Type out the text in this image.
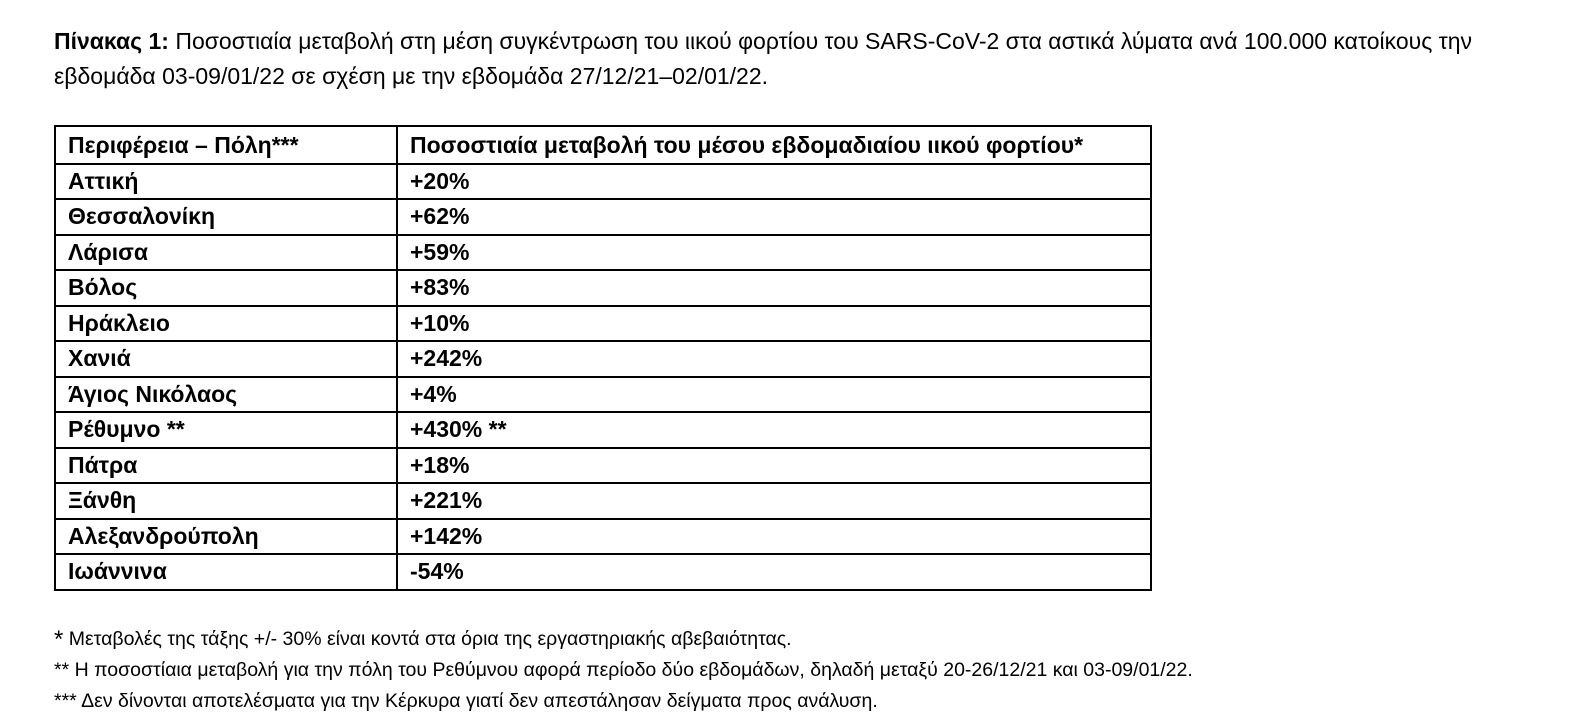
Πίνακας 1: Ποσοστιαία μεταβολή στη μέση συγκέντρωση του ιικού φορτίου του SARS-CoV-2 στα αστικά λύματα ανά 100.000 κατοίκους την εβδομάδα 03-09/01/22 σε σχέση με την εβδομάδα 27/12/21–02/01/22.

Περιφέρεια – Πόλη***	Ποσοστιαία μεταβολή του μέσου εβδομαδιαίου ιικού φορτίου*
Αττική	+20%
Θεσσαλονίκη	+62%
Λάρισα	+59%
Βόλος	+83%
Ηράκλειο	+10%
Χανιά	+242%
Άγιος Νικόλαος	+4%
Ρέθυμνο **	+430% **
Πάτρα	+18%
Ξάνθη	+221%
Αλεξανδρούπολη	+142%
Ιωάννινα	-54%

* Μεταβολές της τάξης +/- 30% είναι κοντά στα όρια της εργαστηριακής αβεβαιότητας.

** Η ποσοστίαια μεταβολή για την πόλη του Ρεθύμνου αφορά περίοδο δύο εβδομάδων, δηλαδή μεταξύ 20-26/12/21 και 03-09/01/22.

*** Δεν δίνονται αποτελέσματα για την Κέρκυρα γιατί δεν απεστάλησαν δείγματα προς ανάλυση.
